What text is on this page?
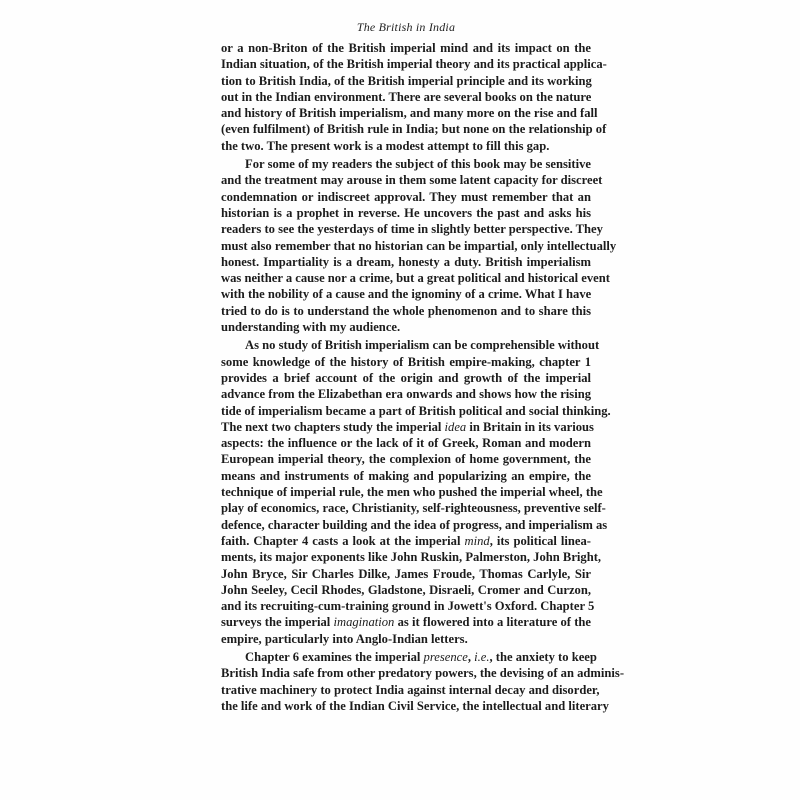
The British in India
or a non-Briton of the British imperial mind and its impact on the
Indian situation, of the British imperial theory and its practical applica-
tion to British India, of the British imperial principle and its working
out in the Indian environment. There are several books on the nature
and history of British imperialism, and many more on the rise and fall
(even fulfilment) of British rule in India; but none on the relationship of
the two. The present work is a modest attempt to fill this gap.
For some of my readers the subject of this book may be sensitive
and the treatment may arouse in them some latent capacity for discreet
condemnation or indiscreet approval. They must remember that an
historian is a prophet in reverse. He uncovers the past and asks his
readers to see the yesterdays of time in slightly better perspective. They
must also remember that no historian can be impartial, only intellectually
honest. Impartiality is a dream, honesty a duty. British imperialism
was neither a cause nor a crime, but a great political and historical event
with the nobility of a cause and the ignominy of a crime. What I have
tried to do is to understand the whole phenomenon and to share this
understanding with my audience.
As no study of British imperialism can be comprehensible without
some knowledge of the history of British empire-making, chapter 1
provides a brief account of the origin and growth of the imperial
advance from the Elizabethan era onwards and shows how the rising
tide of imperialism became a part of British political and social thinking.
The next two chapters study the imperial idea in Britain in its various
aspects: the influence or the lack of it of Greek, Roman and modern
European imperial theory, the complexion of home government, the
means and instruments of making and popularizing an empire, the
technique of imperial rule, the men who pushed the imperial wheel, the
play of economics, race, Christianity, self-righteousness, preventive self-
defence, character building and the idea of progress, and imperialism as
faith. Chapter 4 casts a look at the imperial mind, its political linea-
ments, its major exponents like John Ruskin, Palmerston, John Bright,
John Bryce, Sir Charles Dilke, James Froude, Thomas Carlyle, Sir
John Seeley, Cecil Rhodes, Gladstone, Disraeli, Cromer and Curzon,
and its recruiting-cum-training ground in Jowett's Oxford. Chapter 5
surveys the imperial imagination as it flowered into a literature of the
empire, particularly into Anglo-Indian letters.
Chapter 6 examines the imperial presence, i.e., the anxiety to keep
British India safe from other predatory powers, the devising of an adminis-
trative machinery to protect India against internal decay and disorder,
the life and work of the Indian Civil Service, the intellectual and literary
